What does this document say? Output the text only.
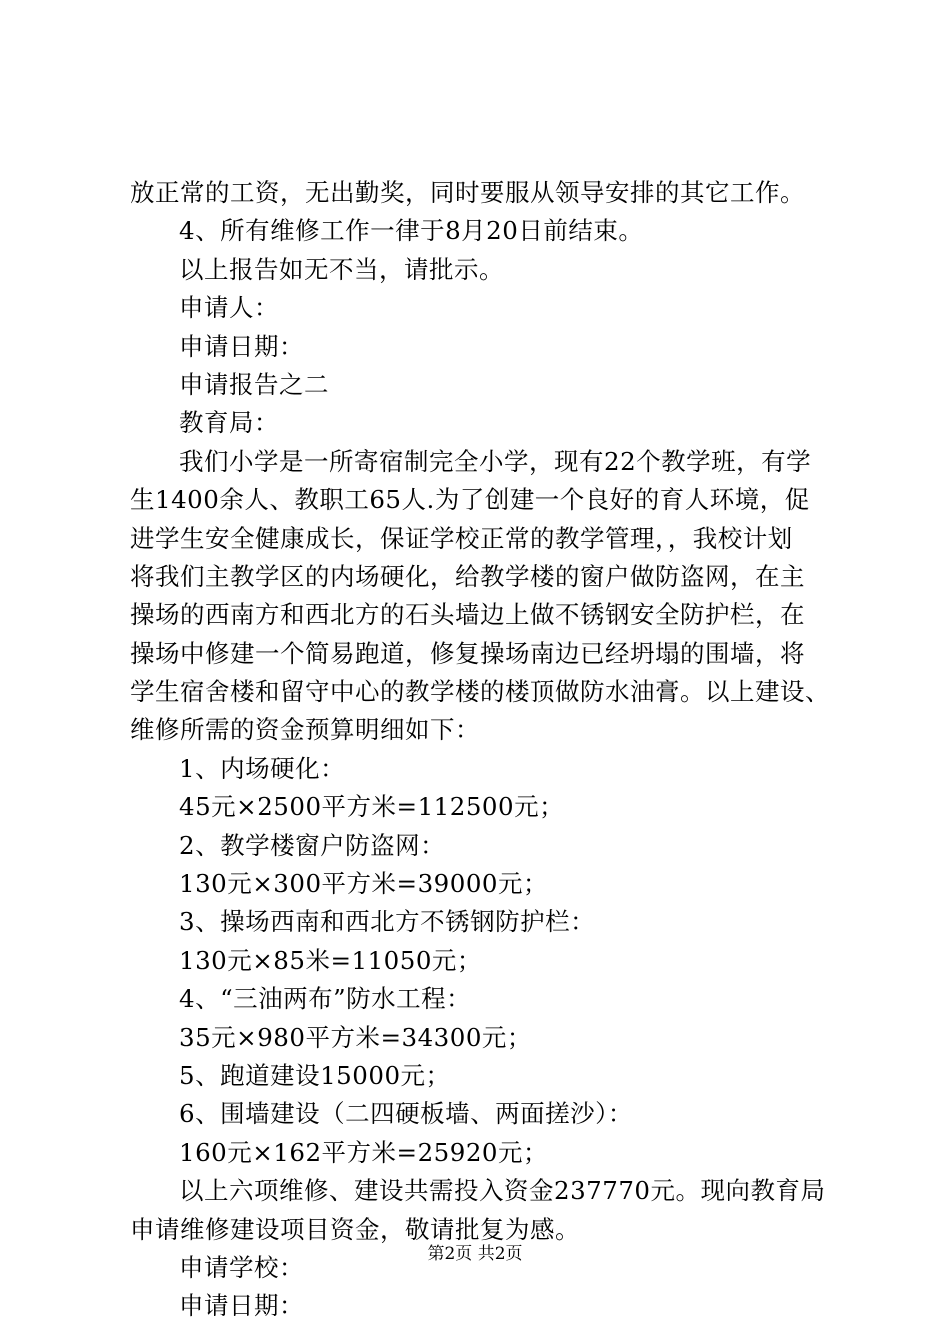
放正常的工资，无出勤奖，同时要服从领导安排的其它工作。
4、所有维修工作一律于8月20日前结束。
以上报告如无不当，请批示。
申请人：
申请日期：
申请报告之二
教育局：
我们小学是一所寄宿制完全小学，现有22个教学班，有学
生1400余人、教职工65人.为了创建一个良好的育人环境，促
进学生安全健康成长，保证学校正常的教学管理，，我校计划
将我们主教学区的内场硬化，给教学楼的窗户做防盗网，在主
操场的西南方和西北方的石头墙边上做不锈钢安全防护栏，在
操场中修建一个简易跑道，修复操场南边已经坍塌的围墙，将
学生宿舍楼和留守中心的教学楼的楼顶做防水油膏。以上建设、
维修所需的资金预算明细如下：
1、内场硬化：
45元×2500平方米=112500元；
2、教学楼窗户防盗网：
130元×300平方米=39000元；
3、操场西南和西北方不锈钢防护栏：
130元×85米=11050元；
4、“三油两布”防水工程：
35元×980平方米=34300元；
5、跑道建设15000元；
6、围墙建设（二四硬板墙、两面搓沙）：
160元×162平方米=25920元；
以上六项维修、建设共需投入资金237770元。现向教育局
申请维修建设项目资金，敬请批复为感。
申请学校：
申请日期：
第2页 共2页
